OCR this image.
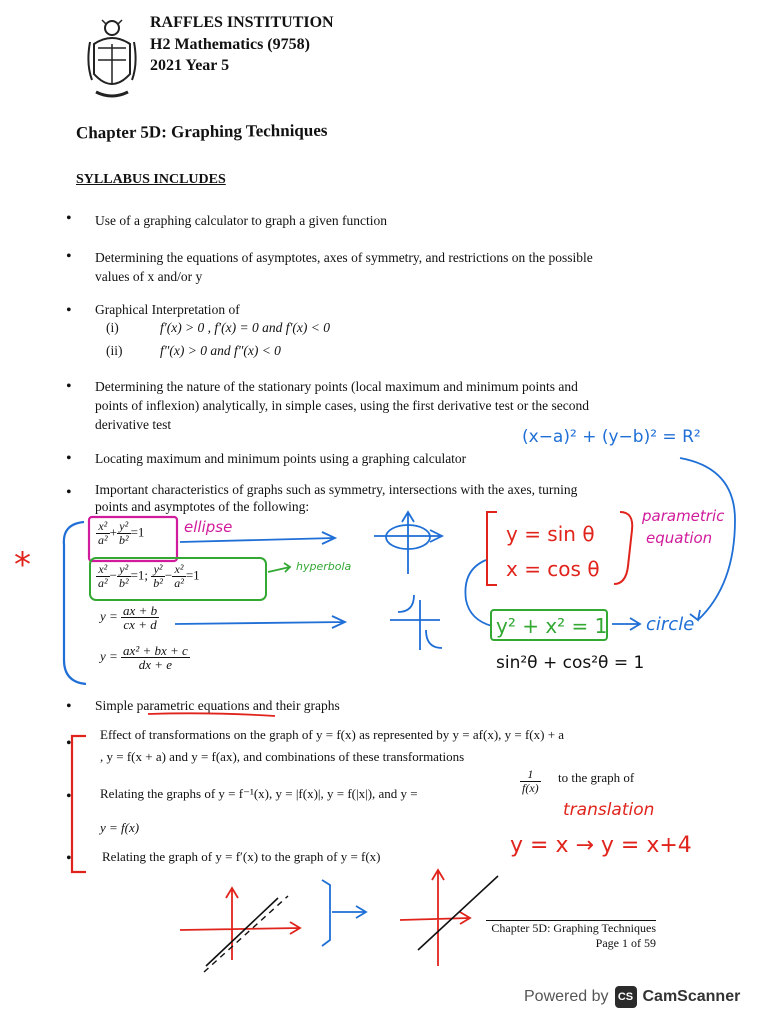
RAFFLES INSTITUTION
H2 Mathematics (9758)
2021 Year 5
Chapter 5D: Graphing Techniques
SYLLABUS INCLUDES
• Use of a graphing calculator to graph a given function
• Determining the equations of asymptotes, axes of symmetry, and restrictions on the possible
values of x and/or y
• Graphical Interpretation of
(i)	f′(x) > 0 , f′(x) = 0 and f′(x) < 0
(ii)	f″(x) > 0 and f″(x) < 0
• Determining the nature of the stationary points (local maximum and minimum points and
points of inflexion) analytically, in simple cases, using the first derivative test or the second
derivative test
• Locating maximum and minimum points using a graphing calculator
• Important characteristics of graphs such as symmetry, intersections with the axes, turning
points and asymptotes of the following:
$\frac{\text{x²}}{\text{a²}} + \frac{\text{y²}}{\text{b²}} =1$
$\frac{\text{x²}}{\text{a²}} - \frac{\text{y²}}{\text{b²}} =1$; $\frac{\text{y²}}{\text{b²}} - \frac{\text{x²}}{\text{a²}} =1$
$y = \frac{ax + b}{cx + d}$
$y = \frac{\text{ax² + bx + c}}{dx + e}$
• Simple parametric equations and their graphs
•
Effect of transformations on the graph of y = f(x) as represented by y = af(x), y = f(x) + a
, y = f(x + a) and y = f(ax), and combinations of these transformations
• Relating the graphs of y = f⁻¹(x), y = |f(x)|, y = f(|x|), and y =	$\frac{1}{f(x)}$ to the graph of
y = f(x)
• Relating the graph of y = f′(x) to the graph of y = f(x)
Chapter 5D: Graphing Techniques
Page 1 of 59
Powered by CS CamScanner
*
ellipse
hyperbola
y = sin θ
x = cos θ
parametric
equation
(x−a)² + (y−b)² = R²
y² + x² = 1 circle
sin²θ + cos²θ = 1
translation
y = x → y = x+4
